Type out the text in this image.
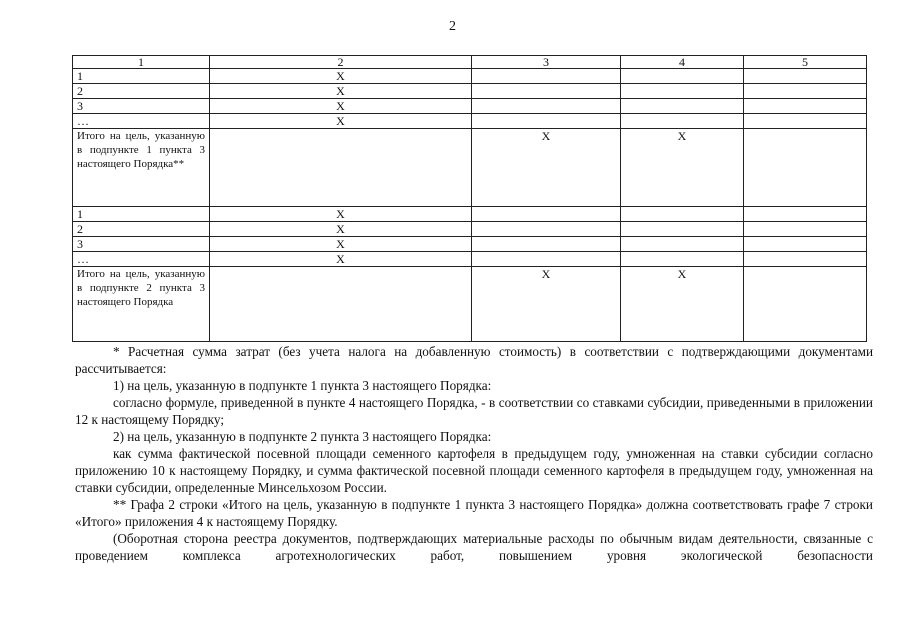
2
1	2	3	4	5
1	X			
2	X			
3	X			
…	X			
Итого на цель, указанную в подпункте 1 пункта 3 настоящего Порядка**		X	X	
1	X			
2	X			
3	X			
…	X			
Итого на цель, указанную в подпункте 2 пункта 3 настоящего Порядка		X	X	

* Расчетная сумма затрат (без учета налога на добавленную стоимость) в соответствии с подтверждающими документами рассчитывается:

1) на цель, указанную в подпункте 1 пункта 3 настоящего Порядка:

согласно формуле, приведенной в пункте 4 настоящего Порядка, - в соответствии со ставками субсидии, приведенными в приложении 12 к настоящему Порядку;

2) на цель, указанную в подпункте 2 пункта 3 настоящего Порядка:

как сумма фактической посевной площади семенного картофеля в предыдущем году, умноженная на ставки субсидии согласно приложению 10 к настоящему Порядку, и сумма фактической посевной площади семенного картофеля в предыдущем году, умноженная на ставки субсидии, определенные Минсельхозом России.

** Графа 2 строки «Итого на цель, указанную в подпункте 1 пункта 3 настоящего Порядка» должна соответствовать графе 7 строки «Итого» приложения 4 к настоящему Порядку.

(Оборотная сторона реестра документов, подтверждающих материальные расходы по обычным видам деятельности, связанные с проведением комплекса агротехнологических работ, повышением уровня экологической безопасности
